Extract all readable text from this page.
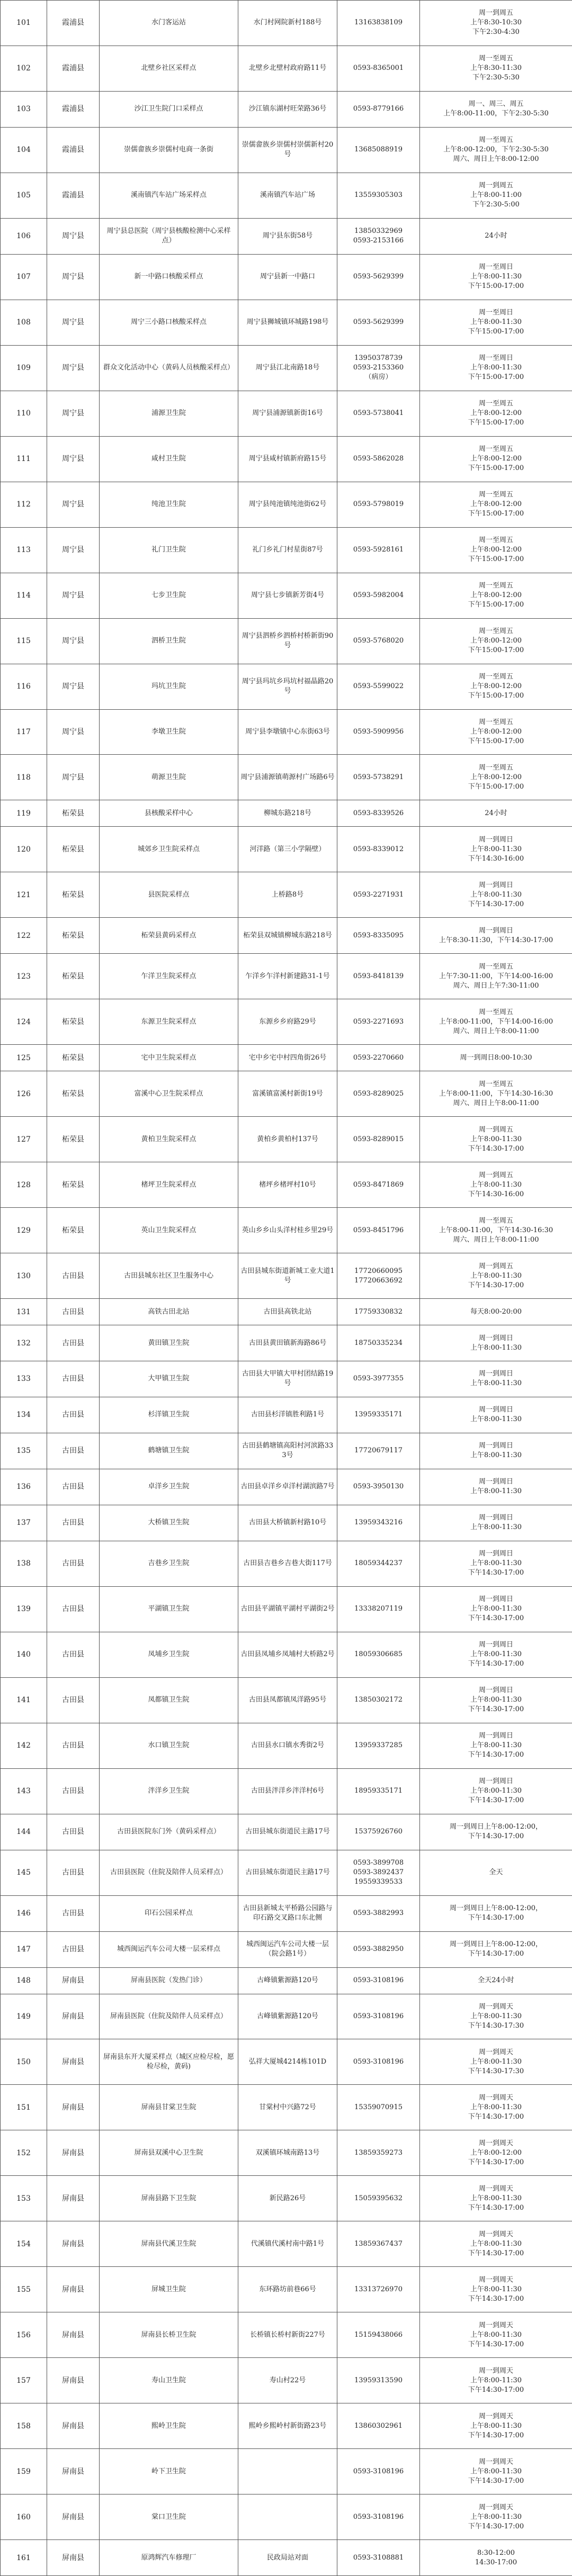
101	霞浦县	水门客运站	水门村网院新村188号	13163838109	周一到周五
上午8:30-10:30
下午2:30-4:30
102	霞浦县	北壁乡社区采样点	北壁乡北壁村政府路11号	0593-8365001	周一至周五
上午8:30-11:30
下午2:30-5:30
103	霞浦县	沙江卫生院门口采样点	沙江镇东湖村旺荣路36号	0593-8779166	周一、周三、周五
上午8:00-11:00，下午2:30-5:30
104	霞浦县	崇儒畲族乡崇儒村电商一条街	崇儒畲族乡崇儒村崇儒新村20号	13685088919	周一至周五
上午8:00-12:00，下午2:30-5:30
周六、周日上午8:00-12:00
105	霞浦县	溪南镇汽车站广场采样点	溪南镇汽车站广场	13559305303	周一到周五
上午8:00-11:00
下午2:30-5:00
106	周宁县	周宁县总医院（周宁县核酸检测中心采样点）	周宁县东街58号	13850332969
0593-2153166	24小时
107	周宁县	新一中路口核酸采样点	周宁县新一中路口	0593-5629399	周一至周日
上午8:00-11:30
下午15:00-17:00
108	周宁县	周宁三小路口核酸采样点	周宁县狮城镇环城路198号	0593-5629399	周一至周日
上午8:00-11:30
下午15:00-17:00
109	周宁县	群众文化活动中心（黄码人员核酸采样点）	周宁县江北南路18号	13950378739
0593-2153360
（病房）	周一至周日
上午8:00-11:30
下午15:00-17:00
110	周宁县	浦源卫生院	周宁县浦源镇新街16号	0593-5738041	周一至周五
上午8:00-12:00
下午15:00-17:00
111	周宁县	咸村卫生院	周宁县咸村镇新府路15号	0593-5862028	周一至周五
上午8:00-12:00
下午15:00-17:00
112	周宁县	纯池卫生院	周宁县纯池镇纯池街62号	0593-5798019	周一至周五
上午8:00-12:00
下午15:00-17:00
113	周宁县	礼门卫生院	礼门乡礼门村星街87号	0593-5928161	周一至周五
上午8:00-12:00
下午15:00-17:00
114	周宁县	七步卫生院	周宁县七步镇新芳街4号	0593-5982004	周一至周五
上午8:00-12:00
下午15:00-17:00
115	周宁县	泗桥卫生院	周宁县泗桥乡泗桥村桥新街90号	0593-5768020	周一至周五
上午8:00-12:00
下午15:00-17:00
116	周宁县	玛坑卫生院	周宁县玛坑乡玛坑村福晶路20号	0593-5599022	周一至周五
上午8:00-12:00
下午15:00-17:00
117	周宁县	李墩卫生院	周宁县李墩镇中心东街63号	0593-5909956	周一至周五
上午8:00-12:00
下午15:00-17:00
118	周宁县	萌源卫生院	周宁县浦源镇萌源村广场路6号	0593-5738291	周一至周五
上午8:00-12:00
下午15:00-17:00
119	柘荣县	县核酸采样中心	柳城东路218号	0593-8339526	24小时
120	柘荣县	城郊乡卫生院采样点	河洋路（第三小学隔壁）	0593-8339012	周一到周日
上午8:00-11:30
下午14:30-16:00
121	柘荣县	县医院采样点	上桥路8号	0593-2271931	周一到周日
上午8:00-11:30
下午14:30-17:00
122	柘荣县	柘荣县黄码采样点	柘荣县双城镇柳城东路218号	0593-8335095	周一到周日
上午8:30-11:30，下午14:30-17:00
123	柘荣县	乍洋卫生院采样点	乍洋乡乍洋村新建路31-1号	0593-8418139	周一至周五
上午7:30-11:00，下午14:00-16:00
周六、周日上午7:30-11:00
124	柘荣县	东源卫生院采样点	东源乡乡府路29号	0593-2271693	周一至周五
上午8:00-11:00，下午14:00-16:00
周六、周日上午8:00-11:00
125	柘荣县	宅中卫生院采样点	宅中乡宅中村四角街26号	0593-2270660	周一到周日8:00-10:30
126	柘荣县	富溪中心卫生院采样点	富溪镇富溪村新街19号	0593-8289025	周一至周五
上午8:00-11:00，下午14:30-16:30
周六、周日上午8:00-11:00
127	柘荣县	黄柏卫生院采样点	黄柏乡黄柏村137号	0593-8289015	周一到周五
上午8:00-11:30
下午14:30-17:00
128	柘荣县	楮坪卫生院采样点	楮坪乡楮坪村10号	0593-8471869	周一到周五
上午8:00-11:30
下午14:30-16:00
129	柘荣县	英山卫生院采样点	英山乡乡山头洋村桂乡里29号	0593-8451796	周一至周五
上午8:00-11:00，下午14:30-16:30
周六、周日上午8:00-11:00
130	古田县	古田县城东社区卫生服务中心	古田县城东街道新城工业大道1号	17720660095
17720663692	周一到周五
上午8:00-11:30
下午14:30-17:00
131	古田县	高铁古田北站	古田县高铁北站	17759330832	每天8:00-20:00
132	古田县	黄田镇卫生院	古田县黄田镇新海路86号	18750335234	周一到周日
上午8:00-11:30
133	古田县	大甲镇卫生院	古田县大甲镇大甲村团结路19号	0593-3977355	周一到周日
上午8:00-11:30
134	古田县	杉洋镇卫生院	古田县杉洋镇胜利路1号	13959335171	周一到周日
上午8:00-11:30
135	古田县	鹤塘镇卫生院	古田县鹤塘镇高阳村河滨路333号	17720679117	周一到周日
上午8:00-11:30
136	古田县	卓洋乡卫生院	古田县卓洋乡卓洋村湖滨路7号	0593-3950130	周一到周日
上午8:00-11:30
137	古田县	大桥镇卫生院	古田县大桥镇新村路10号	13959343216	周一到周日
上午8:00-11:30
138	古田县	吉巷乡卫生院	古田县吉巷乡吉巷大街117号	18059344237	周一到周日
上午8:00-11:30
下午14:30-17:00
139	古田县	平湖镇卫生院	古田县平湖镇平湖村平湖街2号	13338207119	周一到周日
上午8:00-11:30
下午14:30-17:00
140	古田县	凤埔乡卫生院	古田县凤埔乡凤埔村大桥路2号	18059306685	周一到周日
上午8:00-11:30
下午14:30-17:00
141	古田县	凤都镇卫生院	古田县凤都镇凤洋路95号	13850302172	周一到周日
上午8:00-11:30
下午14:30-17:00
142	古田县	水口镇卫生院	古田县水口镇水秀街2号	13959337285	周一到周日
上午8:00-11:30
下午14:30-17:00
143	古田县	泮洋乡卫生院	古田县泮洋乡泮洋村6号	18959335171	周一到周日
上午8:00-11:30
下午14:30-17:00
144	古田县	古田县医院东门外（黄码采样点）	古田县城东街道民主路17号	15375926760	周一到周日上午8:00-12:00，
下午14:30-17:00
145	古田县	古田县医院（住院及陪伴人员采样点）	古田县城东街道民主路17号	0593-3899708
0593-3892437
19559339533	全天
146	古田县	印石公园采样点	古田县新城太平桥路公园路与印石路交叉路口东北侧	0593-3882993	周一到周日上午8:00-12:00，
下午14:30-17:00
147	古田县	城西闽运汽车公司大楼一层采样点	城西闽运汽车公司大楼一层（院会路1号）	0593-3882950	周一到周日上午8:00-12:00，
下午14:30-17:00
148	屏南县	屏南县医院（发热门诊）	古峰镇紫源路120号	0593-3108196	全天24小时
149	屏南县	屏南县医院（住院及陪伴人员采样点）	古峰镇紫源路120号	0593-3108196	周一到周天
上午8:00-11:30
下午14:30-17:30
150	屏南县	屏南县东开大厦采样点（城区应检尽检，愿检尽检，黄码)	弘祥大厦城4214栋101D	0593-3108196	周一到周天
上午8:00-11:30
下午14:30-17:30
151	屏南县	屏南县甘棠卫生院	甘棠村中兴路72号	15359070915	周一到周天
上午8:00-11:30
下午14:30-17:00
152	屏南县	屏南县双溪中心卫生院	双溪镇环城南路13号	13859359273	周一到周天
上午8:00-12:00
下午14:30-17:00
153	屏南县	屏南县路下卫生院	新民路26号	15059395632	周一到周天
上午8:00-11:30
下午14:30-17:00
154	屏南县	屏南县代溪卫生院	代溪镇代溪村南中路1号	13859367437	周一到周天
上午8:00-11:30
下午14:30-17:00
155	屏南县	屏城卫生院	东环路坊前巷66号	13313726970	周一到周天
上午8:00-11:30
下午14:30-17:00
156	屏南县	屏南县长桥卫生院	长桥镇长桥村新街227号	15159438066	周一到周天
上午8:00-11:30
下午14:30-17:00
157	屏南县	寿山卫生院	寿山村22号	13959313590	周一到周天
上午8:00-11:30
下午14:30-17:00
158	屏南县	熙岭卫生院	熙岭乡熙岭村新街路23号	13860302961	周一到周天
上午8:00-11:30
下午14:30-17:00
159	屏南县	岭下卫生院		0593-3108196	周一到周天
上午8:00-11:30
下午14:30-17:00
160	屏南县	棠口卫生院		0593-3108196	周一到周天
上午8:00-11:30
下午14:30-17:00
161	屏南县	原鸿辉汽车修理厂	民政局站对面	0593-3108881	8:30-12:00
14:30-17:00
